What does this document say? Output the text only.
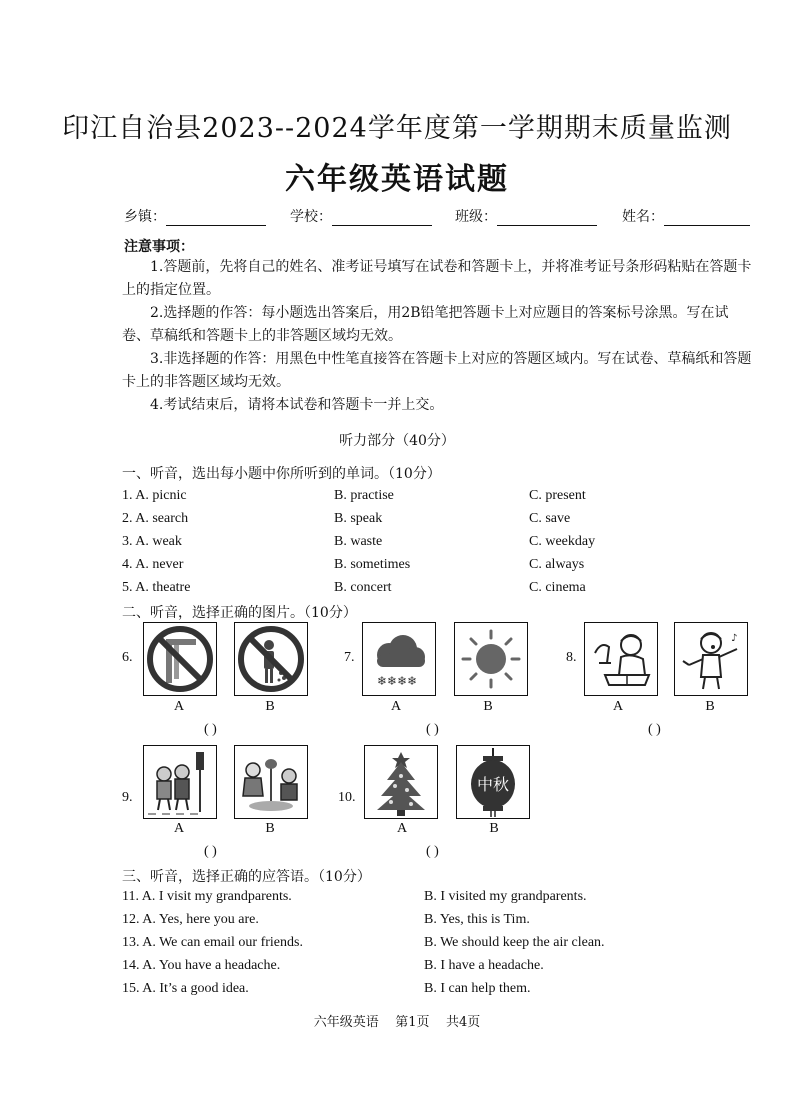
印江自治县2023--2024学年度第一学期期末质量监测
六年级英语试题
乡镇：	学校：	班级：	姓名：
注意事项：

1.答题前，先将自己的姓名、准考证号填写在试卷和答题卡上，并将准考证号条形码粘贴在答题卡上的指定位置。

2.选择题的作答：每小题选出答案后，用2B铅笔把答题卡上对应题目的答案标号涂黑。写在试卷、草稿纸和答题卡上的非答题区域均无效。

3.非选择题的作答：用黑色中性笔直接答在答题卡上对应的答题区域内。写在试卷、草稿纸和答题卡上的非答题区域均无效。

4.考试结束后，请将本试卷和答题卡一并上交。

听力部分（40分）
一、听音，选出每小题中你所听到的单词。（10分）
1. A. picnic	B. practise	C. present
2. A. search	B. speak	C. save
3. A. weak	B. waste	C. weekday
4. A. never	B. sometimes	C. always
5. A. theatre	B. concert	C. cinema
二、听音，选择正确的图片。（10分）
6.
A	B
( )
7.
❄❄❄❄
A	B
( )
8.
♪
A	B
( )
9.
A	B
( )
10.
中秋
A	B
( )
三、听音，选择正确的应答语。（10分）
11. A. I visit my grandparents.	B. I visited my grandparents.
12. A. Yes, here you are.	B. Yes, this is Tim.
13. A. We can email our friends.	B. We should keep the air clean.
14. A. You have a headache.	B. I have a headache.
15. A. It’s a good idea.	B. I can help them.
六年级英语    第1页    共4页
